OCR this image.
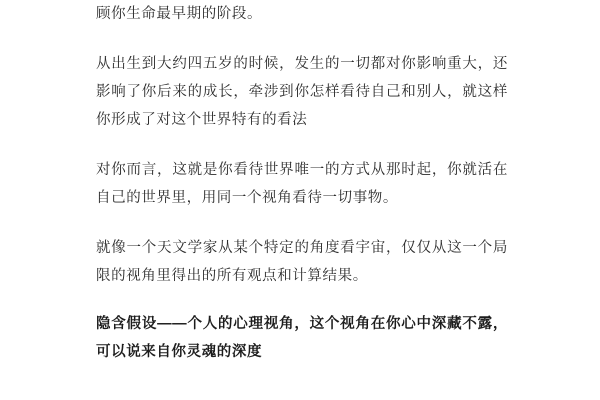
顾你生命最早期的阶段。

从出生到大约四五岁的时候，发生的一切都对你影响重大，还影响了你后来的成长，牵涉到你怎样看待自己和别人，就这样你形成了对这个世界特有的看法

对你而言，这就是你看待世界唯一的方式从那时起，你就活在自己的世界里，用同一个视角看待一切事物。

就像一个天文学家从某个特定的角度看宇宙，仅仅从这一个局限的视角里得出的所有观点和计算结果。

隐含假设——个人的心理视角，这个视角在你心中深藏不露，可以说来自你灵魂的深度
